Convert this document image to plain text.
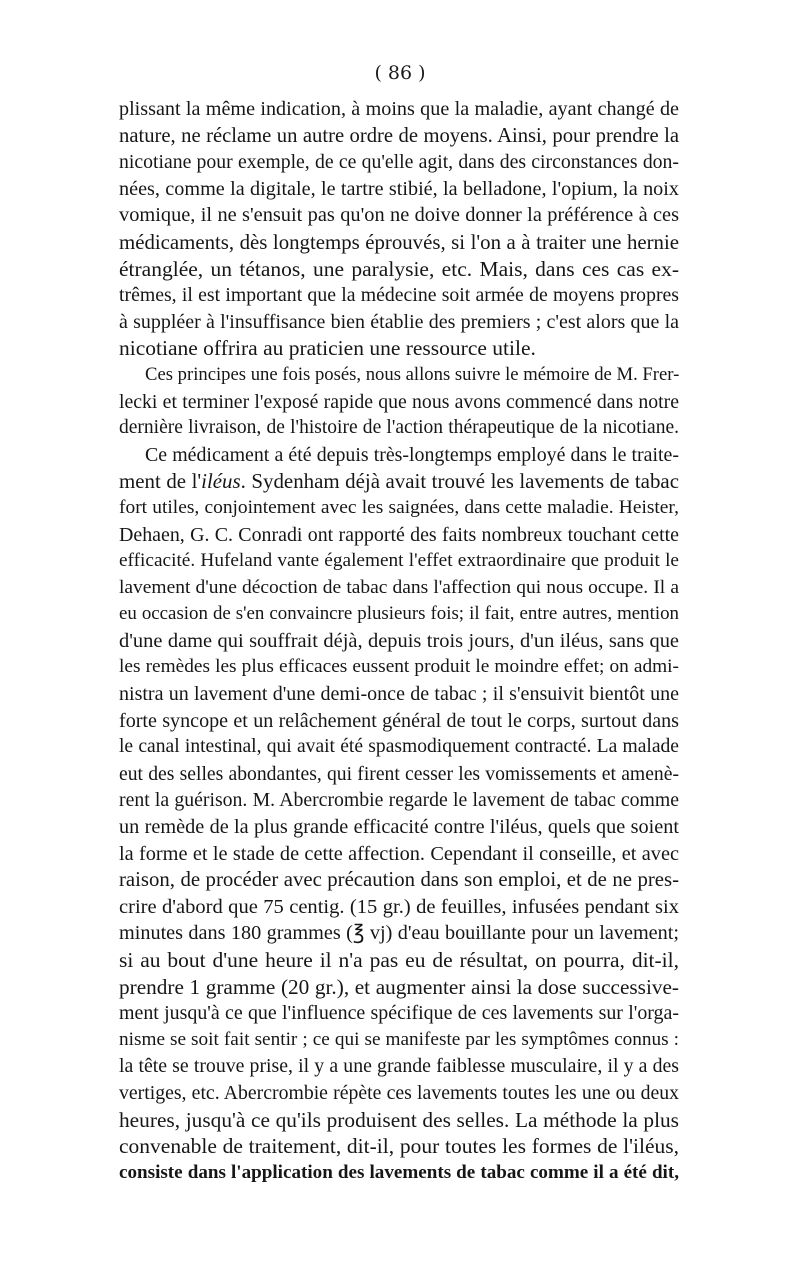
( 86 )
plissant la même indication, à moins que la maladie, ayant changé de
nature, ne réclame un autre ordre de moyens. Ainsi, pour prendre la
nicotiane pour exemple, de ce qu'elle agit, dans des circonstances don-
nées, comme la digitale, le tartre stibié, la belladone, l'opium, la noix
vomique, il ne s'ensuit pas qu'on ne doive donner la préférence à ces
médicaments, dès longtemps éprouvés, si l'on a à traiter une hernie
étranglée, un tétanos, une paralysie, etc. Mais, dans ces cas ex-
trêmes, il est important que la médecine soit armée de moyens propres
à suppléer à l'insuffisance bien établie des premiers ; c'est alors que la
nicotiane offrira au praticien une ressource utile.
Ces principes une fois posés, nous allons suivre le mémoire de M. Frer-
lecki et terminer l'exposé rapide que nous avons commencé dans notre
dernière livraison, de l'histoire de l'action thérapeutique de la nicotiane.
Ce médicament a été depuis très-longtemps employé dans le traite-
ment de l'iléus. Sydenham déjà avait trouvé les lavements de tabac
fort utiles, conjointement avec les saignées, dans cette maladie. Heister,
Dehaen, G. C. Conradi ont rapporté des faits nombreux touchant cette
efficacité. Hufeland vante également l'effet extraordinaire que produit le
lavement d'une décoction de tabac dans l'affection qui nous occupe. Il a
eu occasion de s'en convaincre plusieurs fois; il fait, entre autres, mention
d'une dame qui souffrait déjà, depuis trois jours, d'un iléus, sans que
les remèdes les plus efficaces eussent produit le moindre effet; on admi-
nistra un lavement d'une demi-once de tabac ; il s'ensuivit bientôt une
forte syncope et un relâchement général de tout le corps, surtout dans
le canal intestinal, qui avait été spasmodiquement contracté. La malade
eut des selles abondantes, qui firent cesser les vomissements et amenè-
rent la guérison. M. Abercrombie regarde le lavement de tabac comme
un remède de la plus grande efficacité contre l'iléus, quels que soient
la forme et le stade de cette affection. Cependant il conseille, et avec
raison, de procéder avec précaution dans son emploi, et de ne pres-
crire d'abord que 75 centig. (15 gr.) de feuilles, infusées pendant six
minutes dans 180 grammes (℥ vj) d'eau bouillante pour un lavement;
si au bout d'une heure il n'a pas eu de résultat, on pourra, dit-il,
prendre 1 gramme (20 gr.), et augmenter ainsi la dose successive-
ment jusqu'à ce que l'influence spécifique de ces lavements sur l'orga-
nisme se soit fait sentir ; ce qui se manifeste par les symptômes connus :
la tête se trouve prise, il y a une grande faiblesse musculaire, il y a des
vertiges, etc. Abercrombie répète ces lavements toutes les une ou deux
heures, jusqu'à ce qu'ils produisent des selles. La méthode la plus
convenable de traitement, dit-il, pour toutes les formes de l'iléus,
consiste dans l'application des lavements de tabac comme il a été dit,
